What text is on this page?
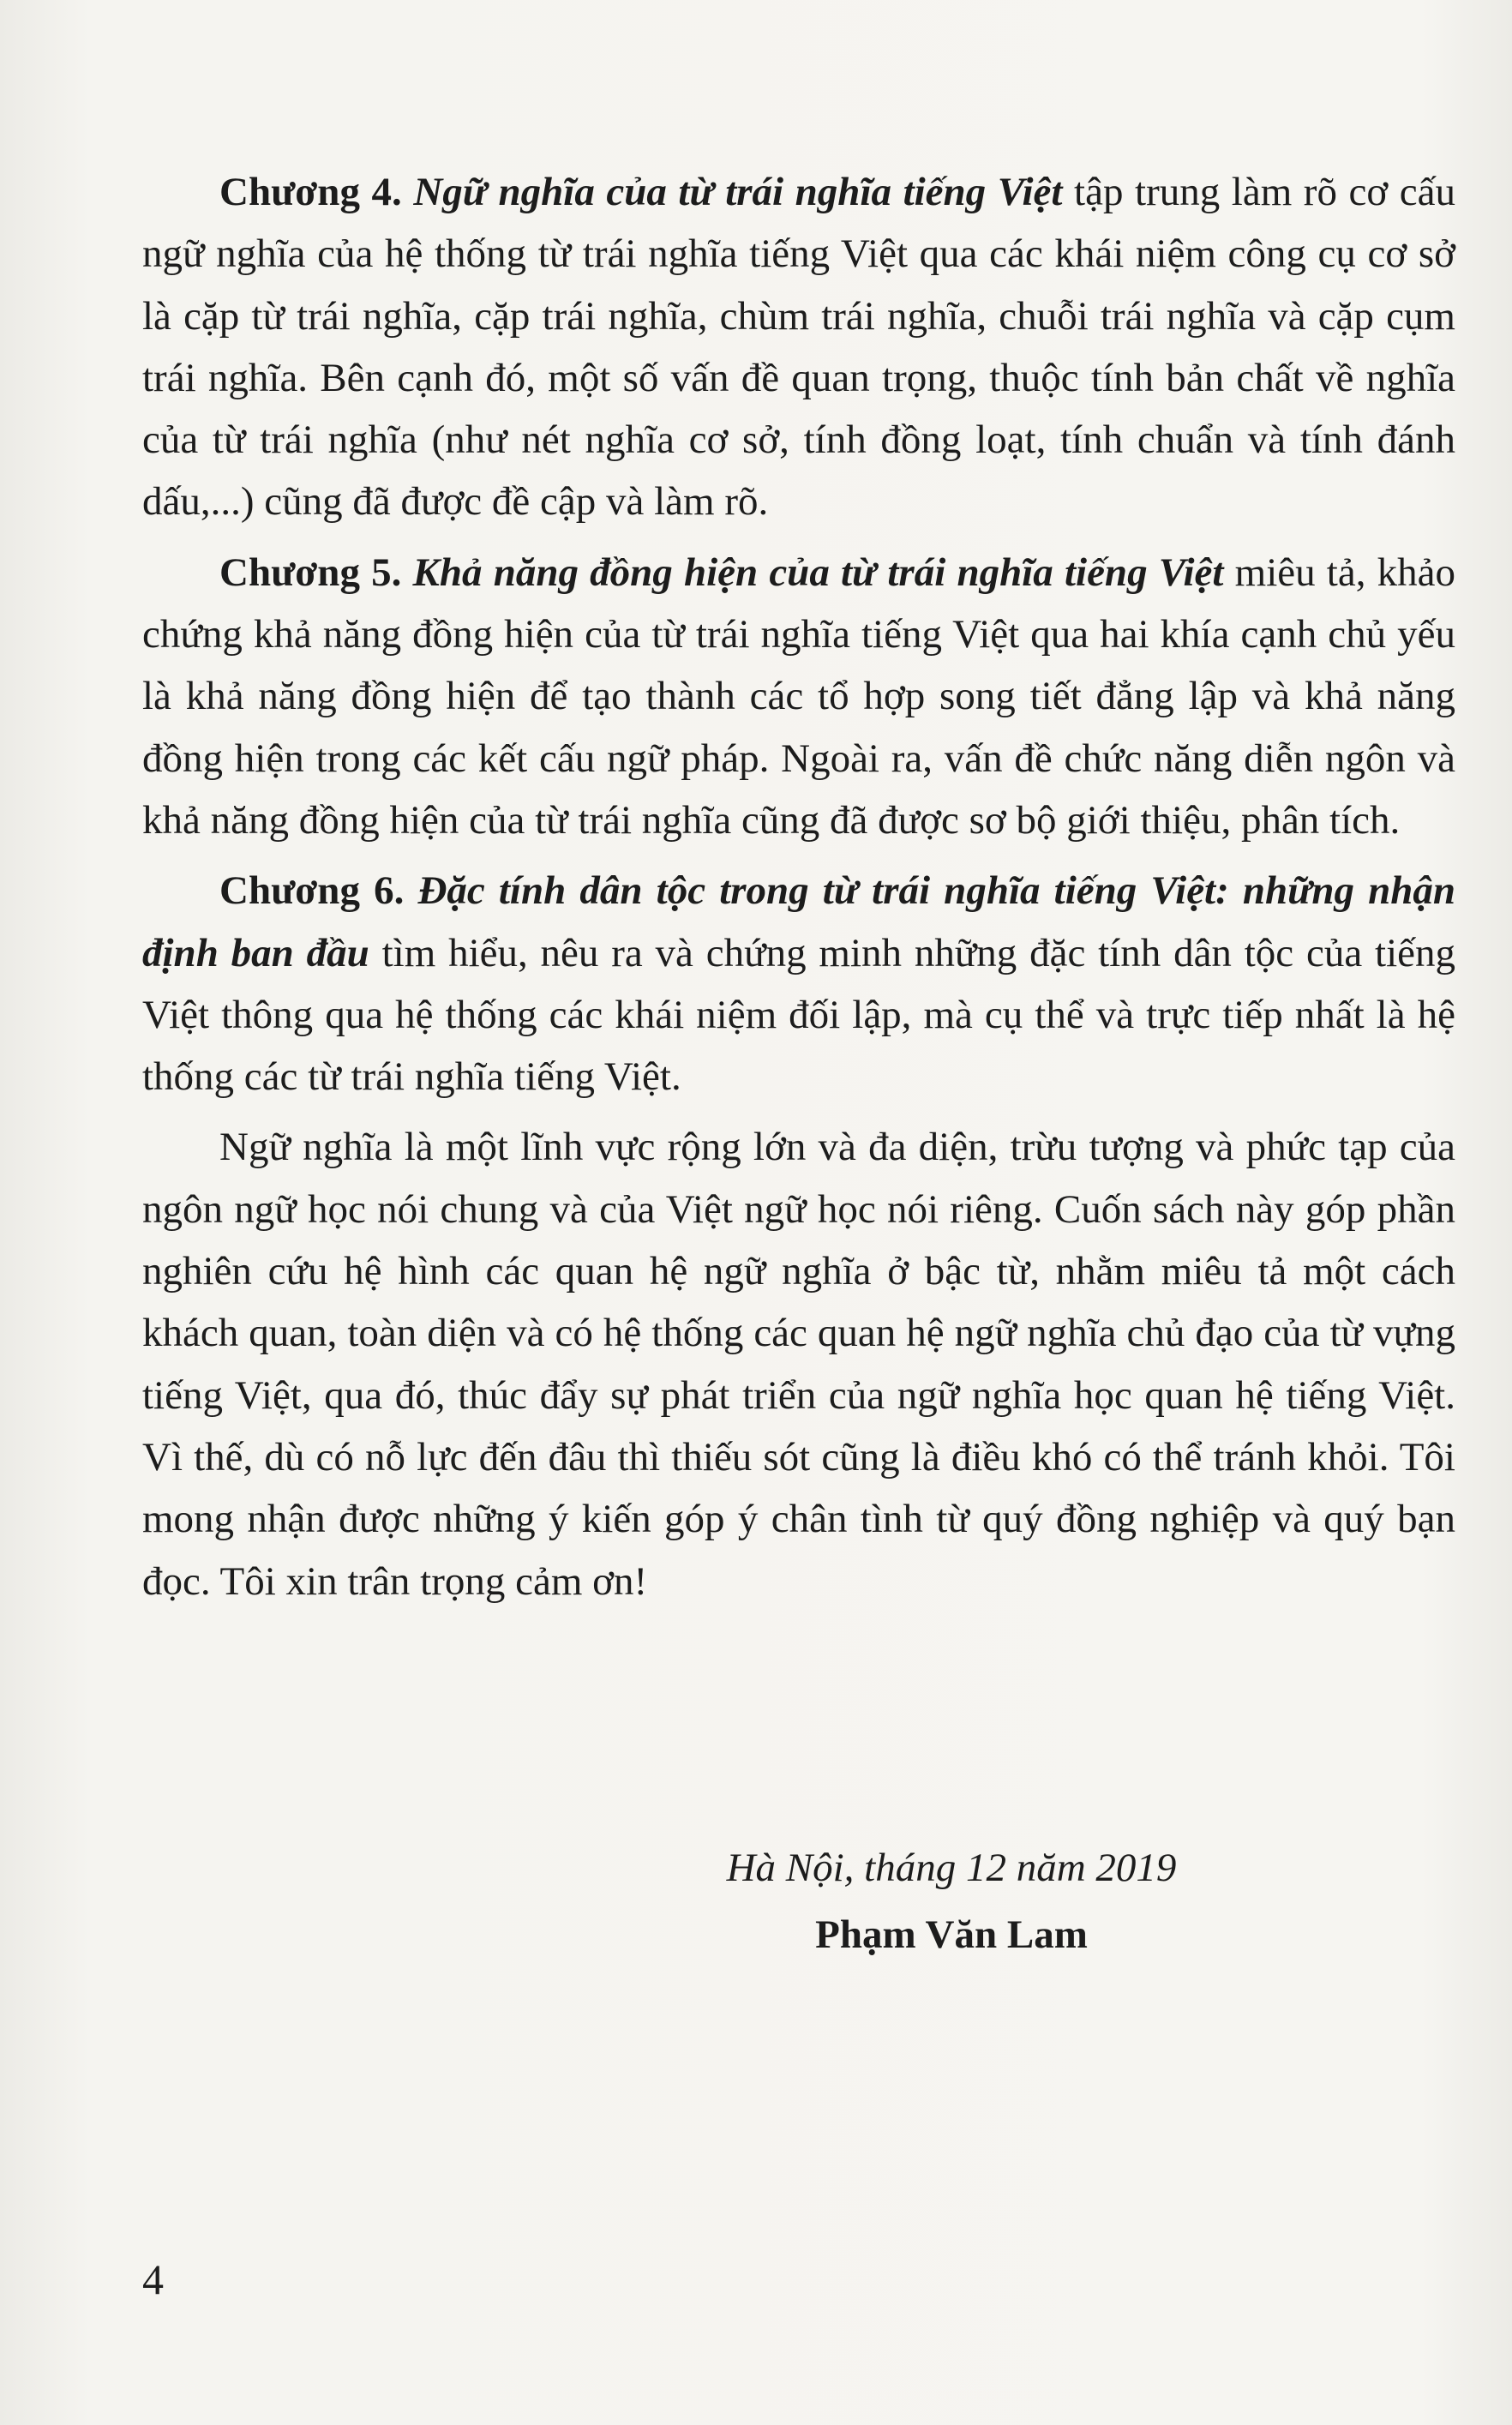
Chương 4. Ngữ nghĩa của từ trái nghĩa tiếng Việt tập trung làm rõ cơ cấu ngữ nghĩa của hệ thống từ trái nghĩa tiếng Việt qua các khái niệm công cụ cơ sở là cặp từ trái nghĩa, cặp trái nghĩa, chùm trái nghĩa, chuỗi trái nghĩa và cặp cụm trái nghĩa. Bên cạnh đó, một số vấn đề quan trọng, thuộc tính bản chất về nghĩa của từ trái nghĩa (như nét nghĩa cơ sở, tính đồng loạt, tính chuẩn và tính đánh dấu,...) cũng đã được đề cập và làm rõ.

Chương 5. Khả năng đồng hiện của từ trái nghĩa tiếng Việt miêu tả, khảo chứng khả năng đồng hiện của từ trái nghĩa tiếng Việt qua hai khía cạnh chủ yếu là khả năng đồng hiện để tạo thành các tổ hợp song tiết đẳng lập và khả năng đồng hiện trong các kết cấu ngữ pháp. Ngoài ra, vấn đề chức năng diễn ngôn và khả năng đồng hiện của từ trái nghĩa cũng đã được sơ bộ giới thiệu, phân tích.

Chương 6. Đặc tính dân tộc trong từ trái nghĩa tiếng Việt: những nhận định ban đầu tìm hiểu, nêu ra và chứng minh những đặc tính dân tộc của tiếng Việt thông qua hệ thống các khái niệm đối lập, mà cụ thể và trực tiếp nhất là hệ thống các từ trái nghĩa tiếng Việt.

Ngữ nghĩa là một lĩnh vực rộng lớn và đa diện, trừu tượng và phức tạp của ngôn ngữ học nói chung và của Việt ngữ học nói riêng. Cuốn sách này góp phần nghiên cứu hệ hình các quan hệ ngữ nghĩa ở bậc từ, nhằm miêu tả một cách khách quan, toàn diện và có hệ thống các quan hệ ngữ nghĩa chủ đạo của từ vựng tiếng Việt, qua đó, thúc đẩy sự phát triển của ngữ nghĩa học quan hệ tiếng Việt. Vì thế, dù có nỗ lực đến đâu thì thiếu sót cũng là điều khó có thể tránh khỏi. Tôi mong nhận được những ý kiến góp ý chân tình từ quý đồng nghiệp và quý bạn đọc. Tôi xin trân trọng cảm ơn!

Hà Nội, tháng 12 năm 2019
Phạm Văn Lam
4
